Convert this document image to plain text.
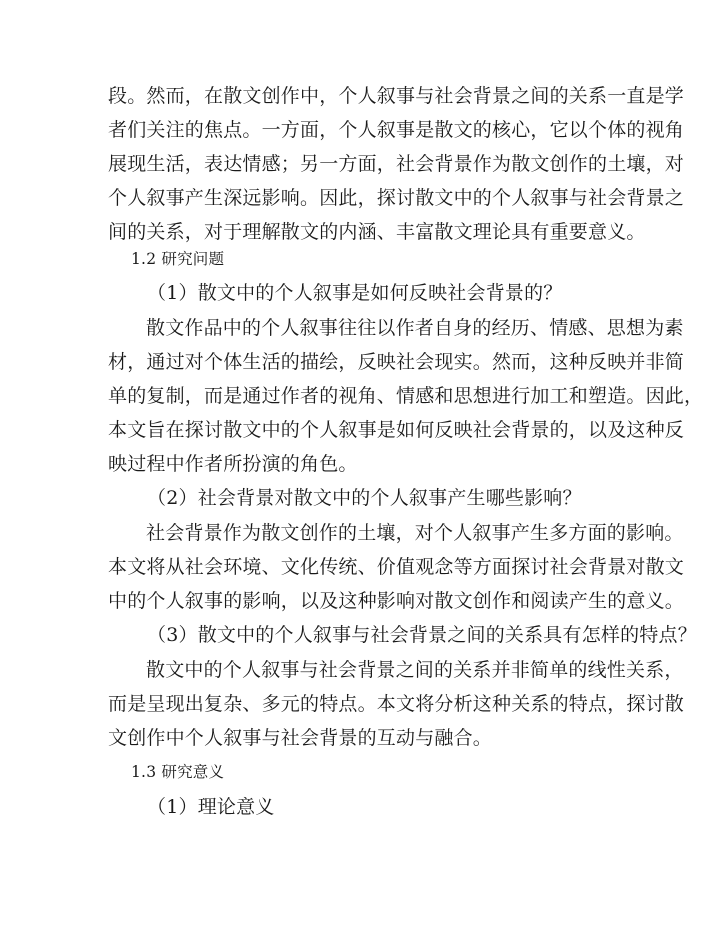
段。然而，在散文创作中，个人叙事与社会背景之间的关系一直是学
者们关注的焦点。一方面，个人叙事是散文的核心，它以个体的视角
展现生活，表达情感；另一方面，社会背景作为散文创作的土壤，对
个人叙事产生深远影响。因此，探讨散文中的个人叙事与社会背景之
间的关系，对于理解散文的内涵、丰富散文理论具有重要意义。
1.2 研究问题
（1）散文中的个人叙事是如何反映社会背景的？
散文作品中的个人叙事往往以作者自身的经历、情感、思想为素
材，通过对个体生活的描绘，反映社会现实。然而，这种反映并非简
单的复制，而是通过作者的视角、情感和思想进行加工和塑造。因此，
本文旨在探讨散文中的个人叙事是如何反映社会背景的，以及这种反
映过程中作者所扮演的角色。
（2）社会背景对散文中的个人叙事产生哪些影响？
社会背景作为散文创作的土壤，对个人叙事产生多方面的影响。
本文将从社会环境、文化传统、价值观念等方面探讨社会背景对散文
中的个人叙事的影响，以及这种影响对散文创作和阅读产生的意义。
（3）散文中的个人叙事与社会背景之间的关系具有怎样的特点？
散文中的个人叙事与社会背景之间的关系并非简单的线性关系，
而是呈现出复杂、多元的特点。本文将分析这种关系的特点，探讨散
文创作中个人叙事与社会背景的互动与融合。
1.3 研究意义
（1）理论意义
